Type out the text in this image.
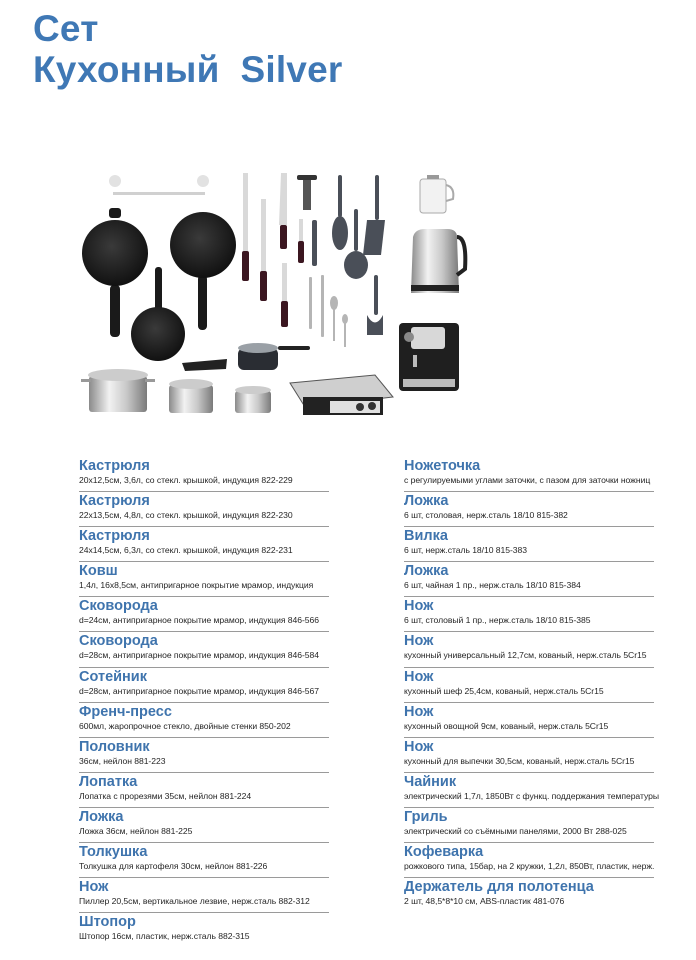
Сет
Кухонный  Silver
Кастрюля
20x12,5см, 3,6л, со стекл. крышкой, индукция 822-229
Кастрюля
22x13,5см, 4,8л, со стекл. крышкой, индукция 822-230
Кастрюля
24x14,5см, 6,3л, со стекл. крышкой, индукция 822-231
Ковш
1,4л, 16x8,5см, антипригарное покрытие мрамор, индукция
Сковорода
d=24см, антипригарное покрытие мрамор, индукция 846-566
Сковорода
d=28см, антипригарное покрытие мрамор, индукция 846-584
Сотейник
d=28см, антипригарное покрытие мрамор, индукция 846-567
Френч-пресс
600мл, жаропрочное стекло, двойные стенки 850-202
Половник
36см, нейлон 881-223
Лопатка
Лопатка с прорезями 35см, нейлон 881-224
Ложка
Ложка 36см, нейлон 881-225
Толкушка
Толкушка для картофеля 30см, нейлон 881-226
Нож
Пиллер 20,5см, вертикальное лезвие, нерж.сталь 882-312
Штопор
Штопор 16см, пластик, нерж.сталь 882-315
Ножеточка
с регулируемыми углами заточки, с пазом для заточки ножниц
Ложка
6 шт, столовая, нерж.сталь 18/10 815-382
Вилка
6 шт, нерж.сталь 18/10 815-383
Ложка
6 шт, чайная 1 пр., нерж.сталь 18/10 815-384
Нож
6 шт, столовый 1 пр., нерж.сталь 18/10 815-385
Нож
кухонный универсальный 12,7см, кованый, нерж.сталь 5Cr15
Нож
кухонный шеф 25,4см, кованый, нерж.сталь 5Cr15
Нож
кухонный овощной 9см, кованый, нерж.сталь 5Cr15
Нож
кухонный для выпечки 30,5см, кованый, нерж.сталь 5Cr15
Чайник
электрический 1,7л, 1850Вт с функц. поддержания температуры
Гриль
электрический со съёмными панелями, 2000 Вт 288-025
Кофеварка
рожкового типа, 15бар, на 2 кружки, 1,2л, 850Вт, пластик, нерж.
Держатель для полотенца
2 шт, 48,5*8*10 см, ABS-пластик 481-076
